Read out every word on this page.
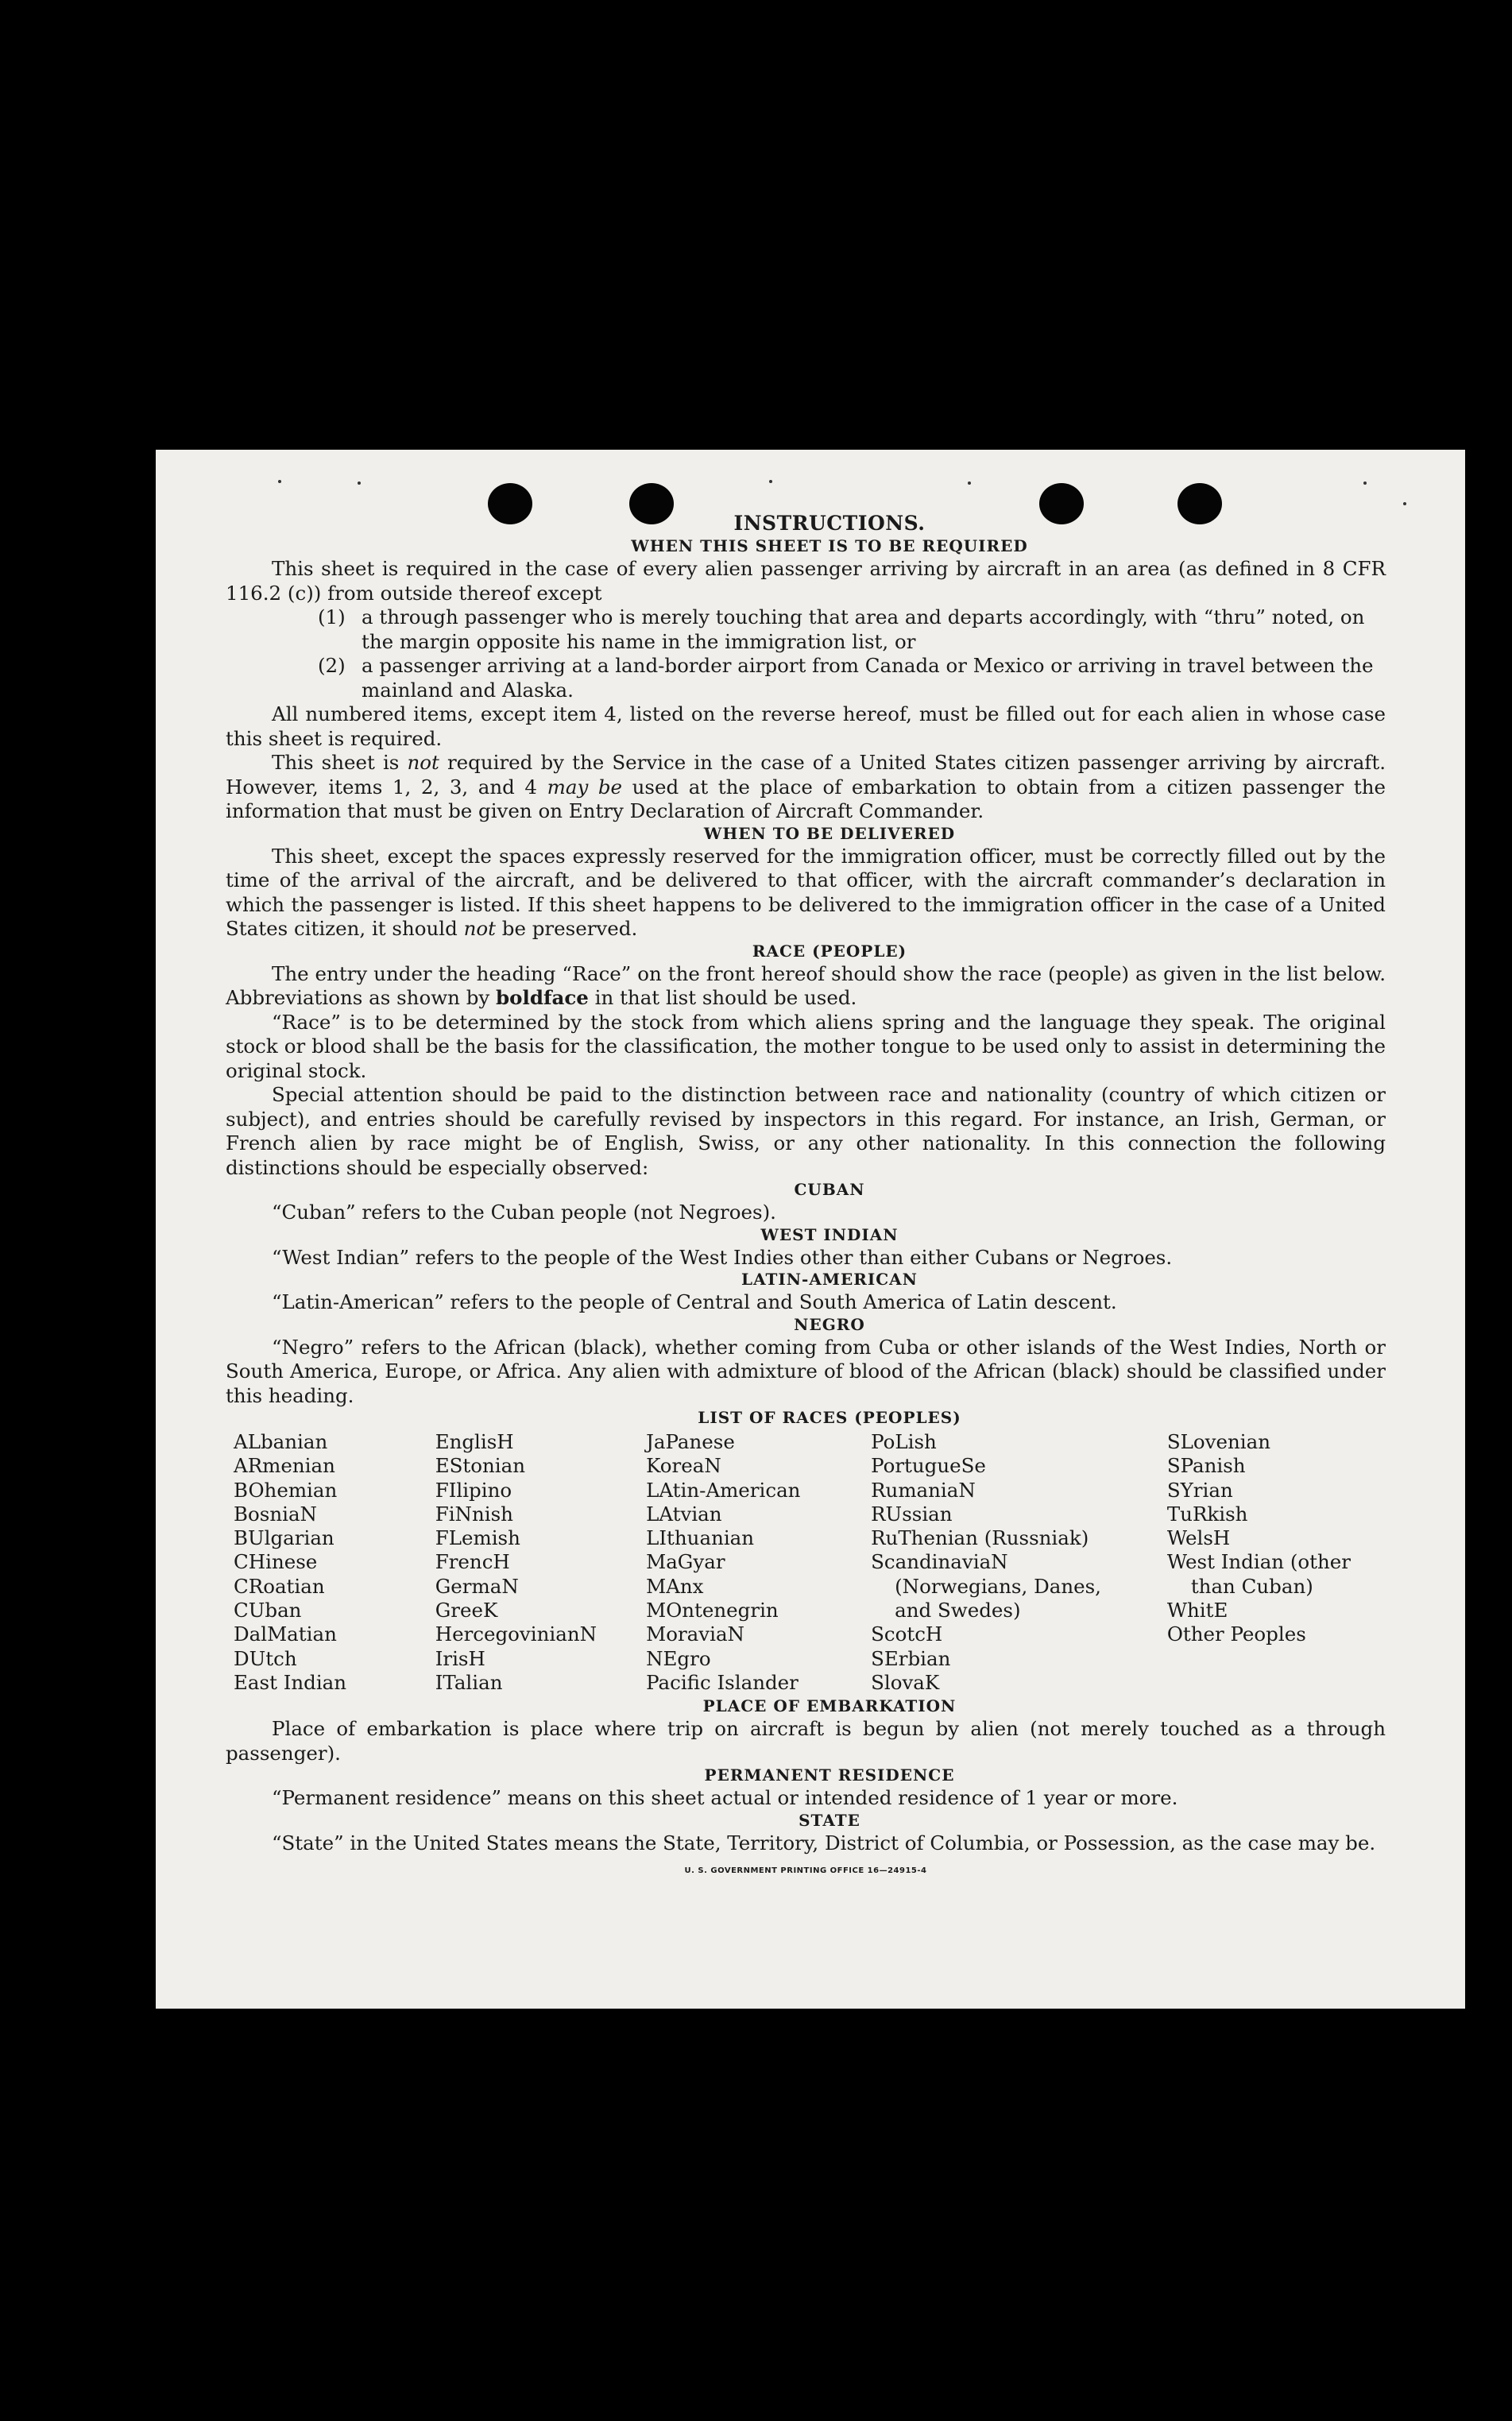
INSTRUCTIONS.
WHEN THIS SHEET IS TO BE REQUIRED

This sheet is required in the case of every alien passenger arriving by aircraft in an area (as defined in 8 CFR 116.2 (c)) from outside thereof except

(1) a through passenger who is merely touching that area and departs accordingly, with “thru” noted, on the margin opposite his name in the immigration list, or
(2) a passenger arriving at a land-border airport from Canada or Mexico or arriving in travel between the mainland and Alaska.

All numbered items, except item 4, listed on the reverse hereof, must be filled out for each alien in whose case this sheet is required.

This sheet is not required by the Service in the case of a United States citizen passenger arriving by aircraft. However, items 1, 2, 3, and 4 may be used at the place of embarkation to obtain from a citizen passenger the information that must be given on Entry Declaration of Aircraft Commander.

WHEN TO BE DELIVERED

This sheet, except the spaces expressly reserved for the immigration officer, must be correctly filled out by the time of the arrival of the aircraft, and be delivered to that officer, with the aircraft commander’s declaration in which the passenger is listed. If this sheet happens to be delivered to the immigration officer in the case of a United States citizen, it should not be preserved.

RACE (PEOPLE)

The entry under the heading “Race” on the front hereof should show the race (people) as given in the list below. Abbreviations as shown by boldface in that list should be used.

“Race” is to be determined by the stock from which aliens spring and the language they speak. The original stock or blood shall be the basis for the classification, the mother tongue to be used only to assist in determining the original stock.

Special attention should be paid to the distinction between race and nationality (country of which citizen or subject), and entries should be carefully revised by inspectors in this regard. For instance, an Irish, German, or French alien by race might be of English, Swiss, or any other nationality. In this connection the following distinctions should be especially observed:

CUBAN

“Cuban” refers to the Cuban people (not Negroes).

WEST INDIAN

“West Indian” refers to the people of the West Indies other than either Cubans or Negroes.

LATIN-AMERICAN

“Latin-American” refers to the people of Central and South America of Latin descent.

NEGRO

“Negro” refers to the African (black), whether coming from Cuba or other islands of the West Indies, North or South America, Europe, or Africa. Any alien with admixture of blood of the African (black) should be classified under this heading.

LIST OF RACES (PEOPLES)
ALbanian
ARmenian
BOhemian
BosniaN
BUlgarian
CHinese
CRoatian
CUban
DalMatian
DUtch
East Indian
EnglisH
EStonian
FIlipino
FiNnish
FLemish
FrencH
GermaN
GreeK
HercegovinianN
IrisH
ITalian
JaPanese
KoreaN
LAtin-American
LAtvian
LIthuanian
MaGyar
MAnx
MOntenegrin
MoraviaN
NEgro
Pacific Islander
PoLish
PortugueSe
RumaniaN
RUssian
RuThenian (Russniak)
ScandinaviaN (Norwegians, Danes, and Swedes)
ScotcH
SErbian
SlovaK
SLovenian
SPanish
SYrian
TuRkish
WelsH
West Indian (other than Cuban)
WhitE
Other Peoples
PLACE OF EMBARKATION

Place of embarkation is place where trip on aircraft is begun by alien (not merely touched as a through passenger).

PERMANENT RESIDENCE

“Permanent residence” means on this sheet actual or intended residence of 1 year or more.

STATE

“State” in the United States means the State, Territory, District of Columbia, or Possession, as the case may be.

U. S. GOVERNMENT PRINTING OFFICE 16—24915-4
